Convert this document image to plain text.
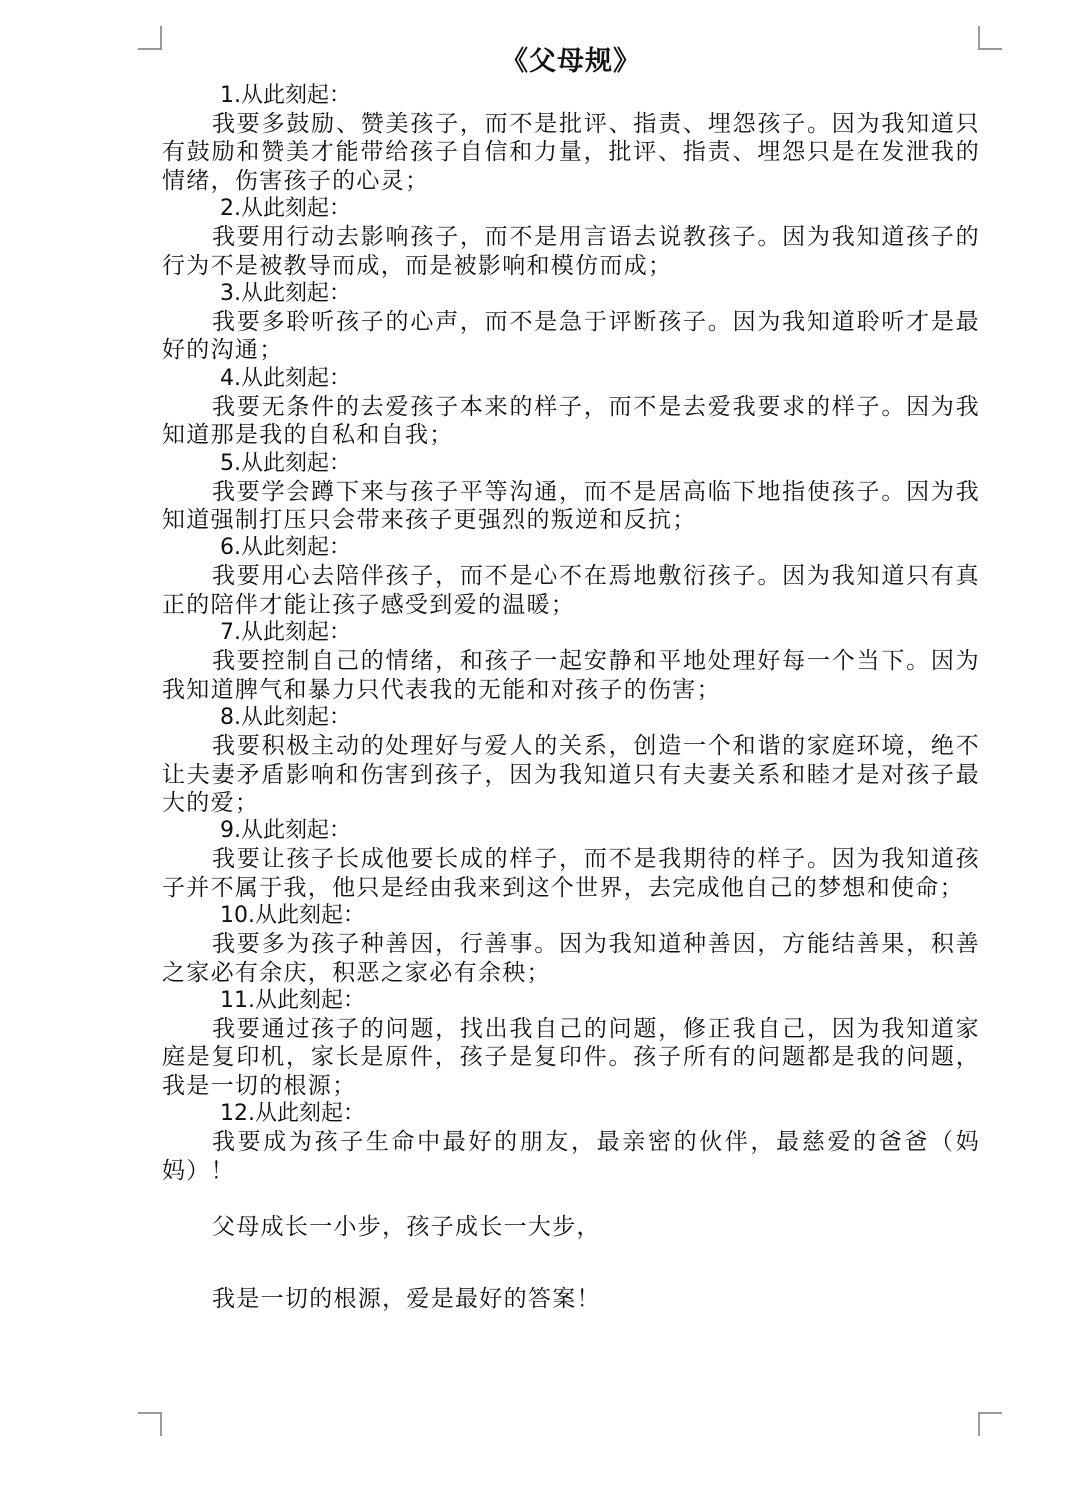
《父母规》

1.从此刻起：

我要多鼓励、赞美孩子，而不是批评、指责、埋怨孩子。因为我知道只有鼓励和赞美才能带给孩子自信和力量，批评、指责、埋怨只是在发泄我的情绪，伤害孩子的心灵；

2.从此刻起：

我要用行动去影响孩子，而不是用言语去说教孩子。因为我知道孩子的行为不是被教导而成，而是被影响和模仿而成；

3.从此刻起：

我要多聆听孩子的心声，而不是急于评断孩子。因为我知道聆听才是最好的沟通；

4.从此刻起：

我要无条件的去爱孩子本来的样子，而不是去爱我要求的样子。因为我知道那是我的自私和自我；

5.从此刻起：

我要学会蹲下来与孩子平等沟通，而不是居高临下地指使孩子。因为我知道强制打压只会带来孩子更强烈的叛逆和反抗；

6.从此刻起：

我要用心去陪伴孩子，而不是心不在焉地敷衍孩子。因为我知道只有真正的陪伴才能让孩子感受到爱的温暖；

7.从此刻起：

我要控制自己的情绪，和孩子一起安静和平地处理好每一个当下。因为我知道脾气和暴力只代表我的无能和对孩子的伤害；

8.从此刻起：

我要积极主动的处理好与爱人的关系，创造一个和谐的家庭环境，绝不让夫妻矛盾影响和伤害到孩子，因为我知道只有夫妻关系和睦才是对孩子最大的爱；

9.从此刻起：

我要让孩子长成他要长成的样子，而不是我期待的样子。因为我知道孩子并不属于我，他只是经由我来到这个世界，去完成他自己的梦想和使命；

10.从此刻起：

我要多为孩子种善因，行善事。因为我知道种善因，方能结善果，积善之家必有余庆，积恶之家必有余秧；

11.从此刻起：

我要通过孩子的问题，找出我自己的问题，修正我自己，因为我知道家庭是复印机，家长是原件，孩子是复印件。孩子所有的问题都是我的问题，我是一切的根源；

12.从此刻起：

我要成为孩子生命中最好的朋友，最亲密的伙伴，最慈爱的爸爸（妈妈）！

父母成长一小步，孩子成长一大步，

我是一切的根源，爱是最好的答案！
